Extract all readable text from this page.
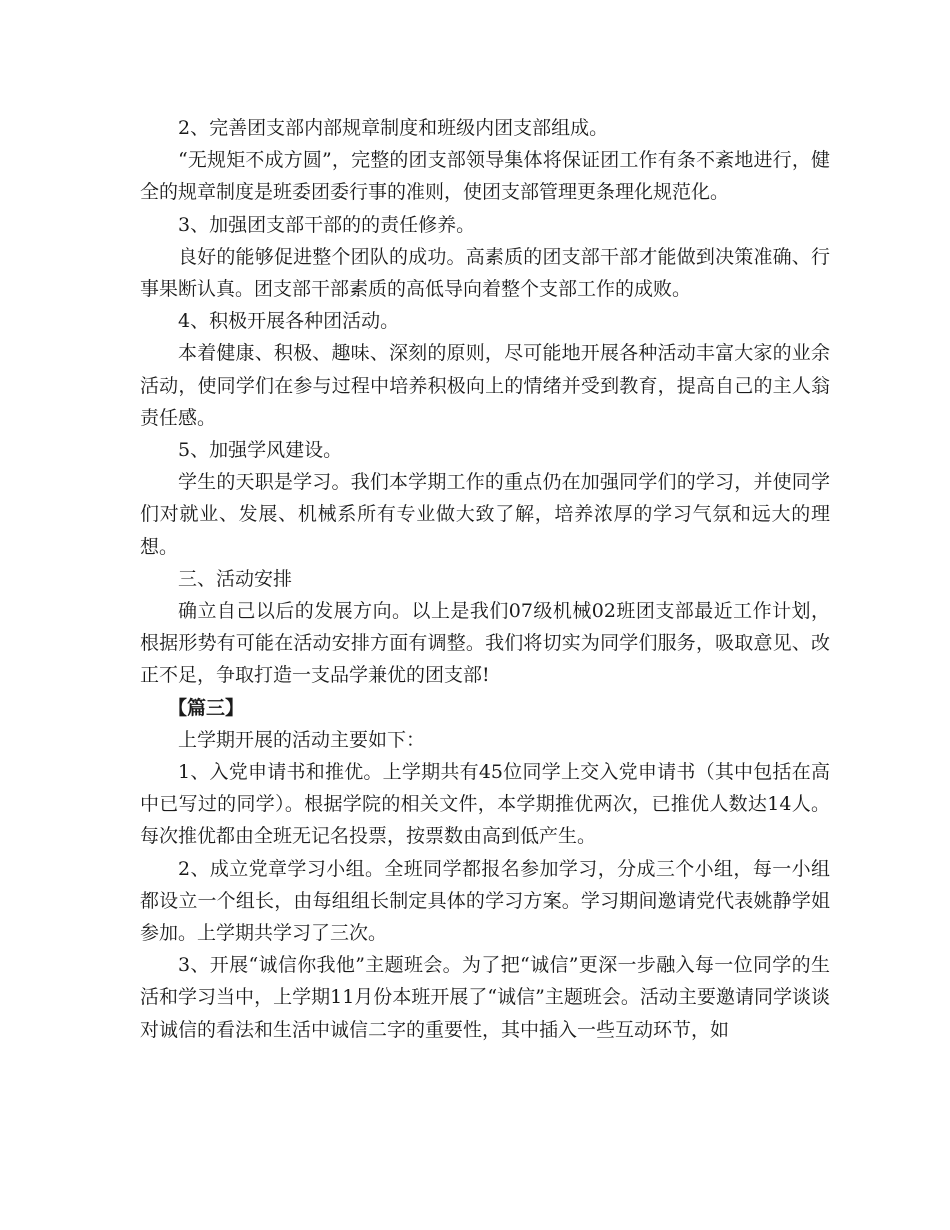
2、完善团支部内部规章制度和班级内团支部组成。

“无规矩不成方圆”，完整的团支部领导集体将保证团工作有条不紊地进行，健全的规章制度是班委团委行事的准则，使团支部管理更条理化规范化。

3、加强团支部干部的的责任修养。

良好的能够促进整个团队的成功。高素质的团支部干部才能做到决策准确、行事果断认真。团支部干部素质的高低导向着整个支部工作的成败。

4、积极开展各种团活动。

本着健康、积极、趣味、深刻的原则，尽可能地开展各种活动丰富大家的业余活动，使同学们在参与过程中培养积极向上的情绪并受到教育，提高自己的主人翁责任感。

5、加强学风建设。

学生的天职是学习。我们本学期工作的重点仍在加强同学们的学习，并使同学们对就业、发展、机械系所有专业做大致了解，培养浓厚的学习气氛和远大的理想。

三、活动安排

确立自己以后的发展方向。以上是我们07级机械02班团支部最近工作计划，根据形势有可能在活动安排方面有调整。我们将切实为同学们服务，吸取意见、改正不足，争取打造一支品学兼优的团支部!

【篇三】

上学期开展的活动主要如下：

1、入党申请书和推优。上学期共有45位同学上交入党申请书（其中包括在高中已写过的同学）。根据学院的相关文件，本学期推优两次，已推优人数达14人。每次推优都由全班无记名投票，按票数由高到低产生。

2、成立党章学习小组。全班同学都报名参加学习，分成三个小组，每一小组都设立一个组长，由每组组长制定具体的学习方案。学习期间邀请党代表姚静学姐参加。上学期共学习了三次。

3、开展“诚信你我他”主题班会。为了把“诚信”更深一步融入每一位同学的生活和学习当中，上学期11月份本班开展了“诚信”主题班会。活动主要邀请同学谈谈对诚信的看法和生活中诚信二字的重要性，其中插入一些互动环节，如
